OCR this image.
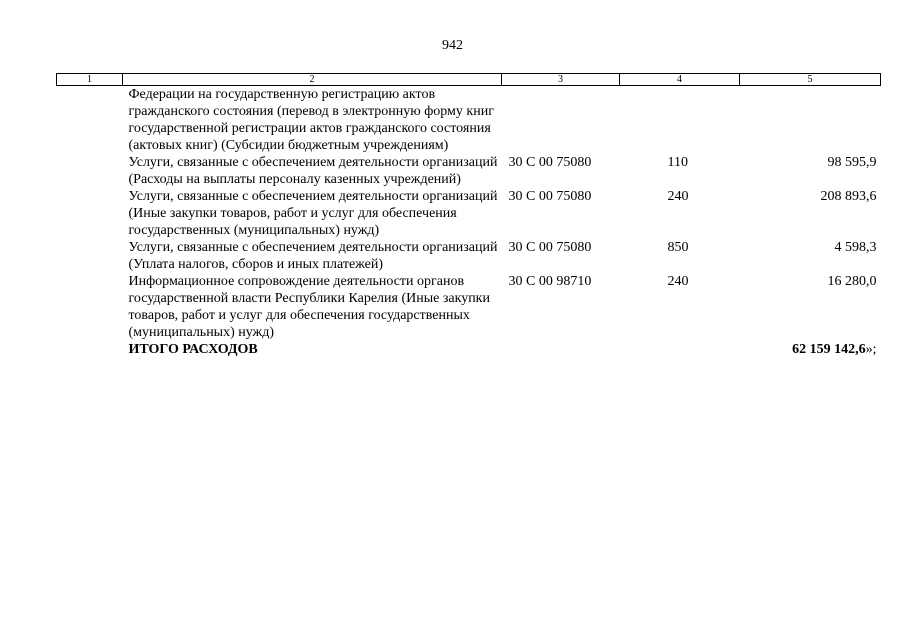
942
1	2	3	4	5
	Федерации на государственную регистрацию актов гражданского состояния (перевод в электронную форму книг государственной регистрации актов гражданского состояния (актовых книг) (Субсидии бюджетным учреждениям)			
	Услуги, связанные с обеспечением деятельности организаций (Расходы на выплаты персоналу казенных учреждений)	30 С 00 75080	110	98 595,9
	Услуги, связанные с обеспечением деятельности организаций (Иные закупки товаров, работ и услуг для обеспечения государственных (муниципальных) нужд)	30 С 00 75080	240	208 893,6
	Услуги, связанные с обеспечением деятельности организаций (Уплата налогов, сборов и иных платежей)	30 С 00 75080	850	4 598,3
	Информационное сопровождение деятельности органов государственной власти Республики Карелия (Иные закупки товаров, работ и услуг для обеспечения государственных (муниципальных) нужд)	30 С 00 98710	240	16 280,0
	ИТОГО РАСХОДОВ			62 159 142,6»;
